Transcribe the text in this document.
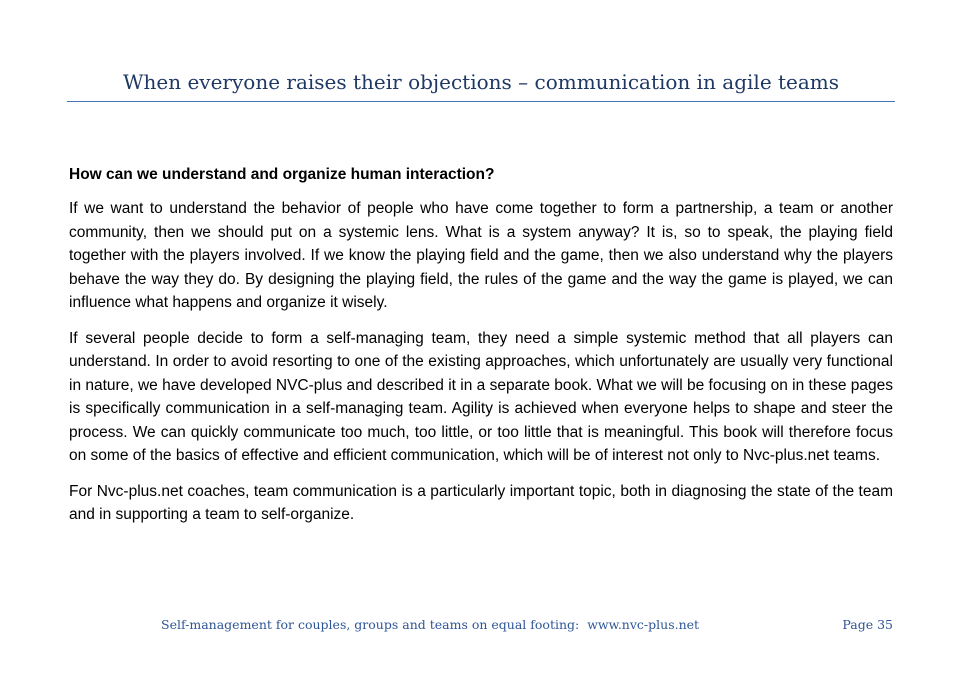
When everyone raises their objections – communication in agile teams
How can we understand and organize human interaction?

If we want to understand the behavior of people who have come together to form a partnership, a team or another community, then we should put on a systemic lens. What is a system anyway? It is, so to speak, the playing field together with the players involved. If we know the playing field and the game, then we also understand why the players behave the way they do. By designing the playing field, the rules of the game and the way the game is played, we can influence what happens and organize it wisely.

If several people decide to form a self-managing team, they need a simple systemic method that all players can understand. In order to avoid resorting to one of the existing approaches, which unfortunately are usually very functional in nature, we have developed NVC-plus and described it in a separate book. What we will be focusing on in these pages is specifically communication in a self-managing team. Agility is achieved when everyone helps to shape and steer the process. We can quickly communicate too much, too little, or too little that is meaningful. This book will therefore focus on some of the basics of effective and efficient communication, which will be of interest not only to Nvc-plus.net teams.

For Nvc-plus.net coaches, team communication is a particularly important topic, both in diagnosing the state of the team and in supporting a team to self-organize.

Self-management for couples, groups and teams on equal footing: www.nvc-plus.net	Page 35
